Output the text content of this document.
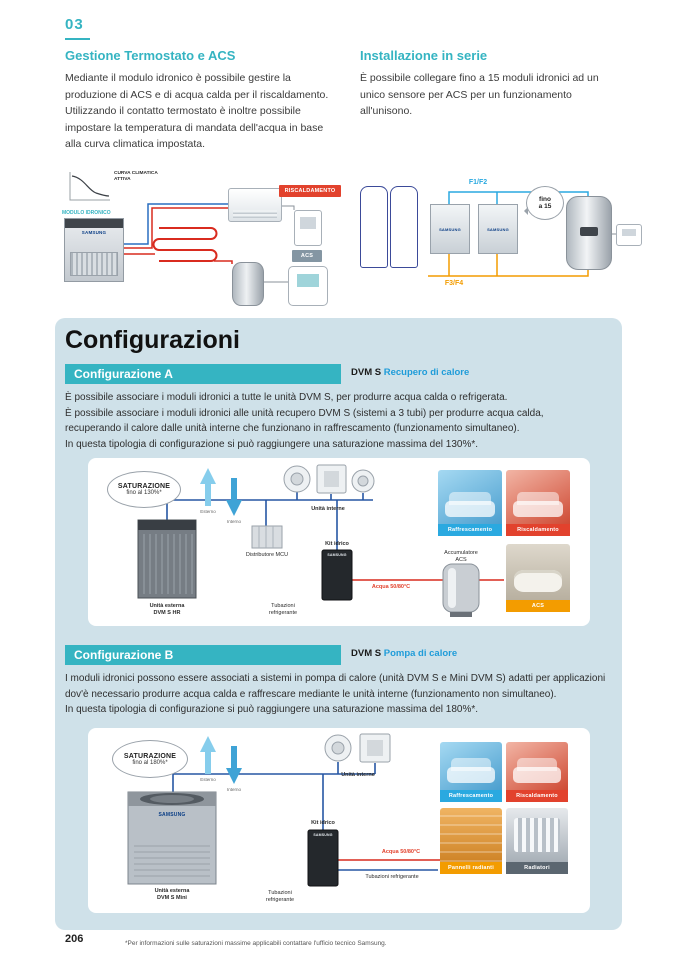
03
Gestione Termostato e ACS
Mediante il modulo idronico è possibile gestire la produzione di ACS e di acqua calda per il riscaldamento. Utilizzando il contatto termostato è inoltre possibile impostare la temperatura di mandata dell'acqua in base alla curva climatica impostata.
Installazione in serie
È possibile collegare fino a 15 moduli idronici ad un unico sensore per ACS per un funzionamento all'unisono.
CURVA CLIMATICA
ATTIVA
MODULO IDRONICO
SAMSUNG
RISCALDAMENTO
ACS
SAMSUNG	SAMSUNG
F1/F2
fino
a 15
F3/F4
Configurazioni
Configurazione A	DVM S Recupero di calore
È possibile associare i moduli idronici a tutte le unità DVM S, per produrre acqua calda o refrigerata.
È possibile associare i moduli idronici alle unità recupero DVM S (sistemi a 3 tubi) per produrre acqua calda,
recuperando il calore dalle unità interne che funzionano in raffrescamento (funzionamento simultaneo).
In questa tipologia di configurazione si può raggiungere una saturazione massima del 130%*.
SATURAZIONE
fino al 130%*
Esterno
Interno
Unità interne
Distributore MCU
Kit idrico
SAMSUNG
Tubazioni
refrigerante
Acqua 50/80°C
Accumulatore
ACS
Unità esterna
DVM S HR
Raffrescamento	Riscaldamento
ACS
Configurazione B	DVM S Pompa di calore
I moduli idronici possono essere associati a sistemi in pompa di calore (unità DVM S e Mini DVM S) adatti per applicazioni
dov'è necessario produrre acqua calda e raffrescare mediante le unità interne (funzionamento non simultaneo).
In questa tipologia di configurazione si può raggiungere una saturazione massima del 180%*.
SATURAZIONE
fino al 180%*
Esterno
Interno
Unità interne
Kit idrico
SAMSUNG
SAMSUNG
Tubazioni
refrigerante
Acqua 50/80°C
Tubazioni refrigerante
Unità esterna
DVM S Mini
Raffrescamento	Riscaldamento
Pannelli radianti	Radiatori
206	*Per informazioni sulle saturazioni massime applicabili contattare l'ufficio tecnico Samsung.
